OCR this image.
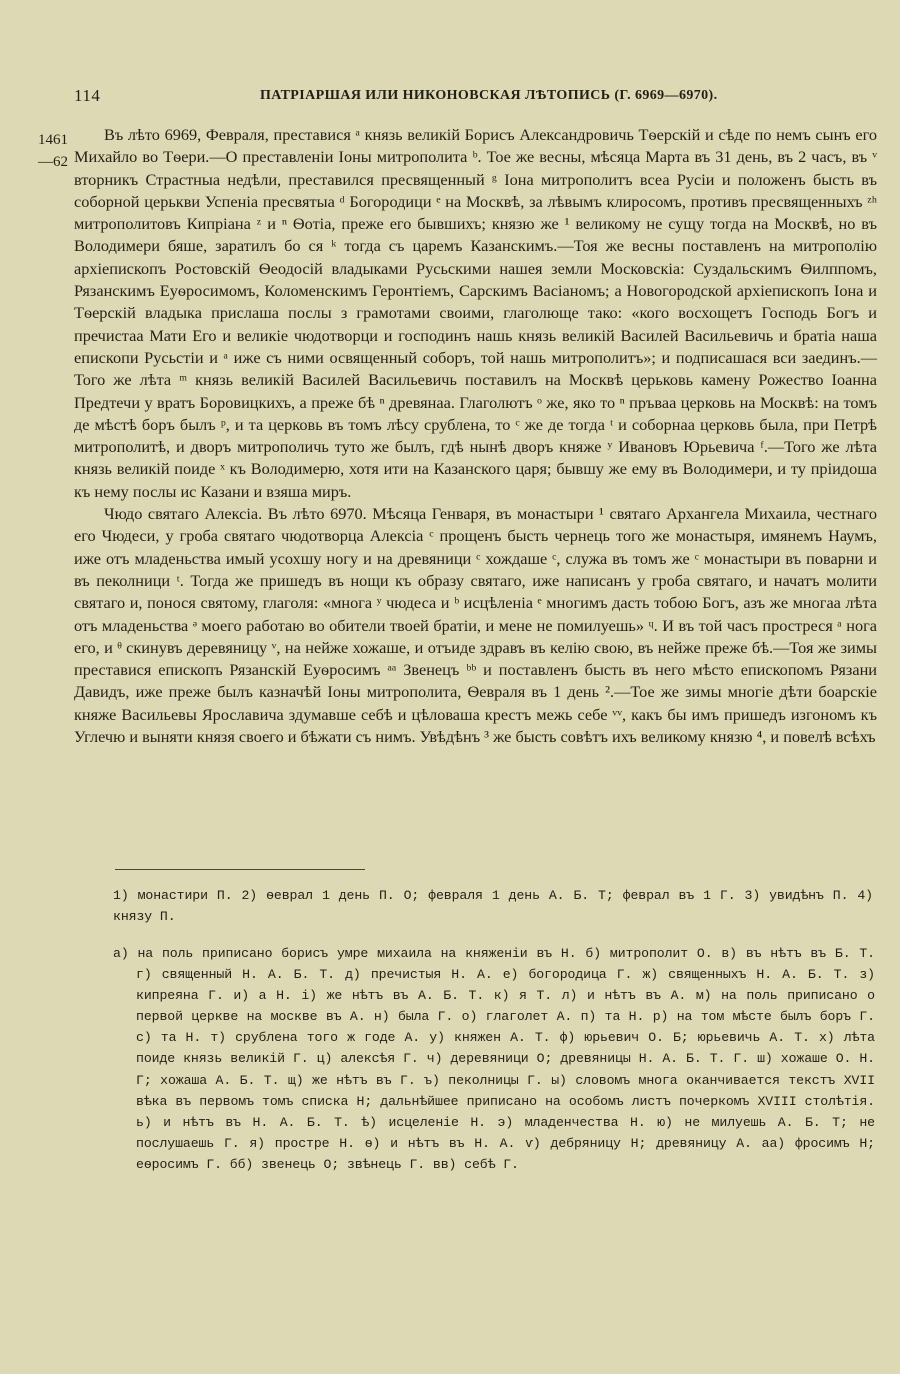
114	ПАТРІАРШАЯ ИЛИ НИКОНОВСКАЯ ЛѢТОПИСЬ (Г. 6969—6970).
1461
—62

Въ лѣто 6969, Февраля, преставися ᵃ князь великій Борисъ Александровичь Тѳерскій и сѣде по немъ сынъ его Михайло во Тѳери.—О преставленіи Іоны митрополита ᵇ. Тое же весны, мѣсяца Марта въ 31 день, въ 2 часъ, въ ᵛ вторникъ Страстныа недѣли, преставился пресвященный ᵍ Іона митрополитъ всеа Русіи и положенъ бысть въ соборной церькви Успеніа пресвятыа ᵈ Богородици ᵉ на Москвѣ, за лѣвымъ клиросомъ, противъ пресвященныхъ ᶻʰ митрополитовъ Кипріана ᶻ и ⁿ Ѳотіа, преже его бывшихъ; князю же ¹ великому не сущу тогда на Москвѣ, но въ Володимери бяше, заратилъ бо ся ᵏ тогда съ царемъ Казанскимъ.—Тоя же весны поставленъ на митрополію архіепископъ Ростовскій Ѳеодосій владыками Русьскими нашея земли Московскіа: Суздальскимъ Ѳилппомъ, Рязанскимъ Еуѳросимомъ, Коломенскимъ Геронтіемъ, Сарскимъ Васіаномъ; а Новогородской архіепископъ Іона и Тѳерскій владыка прислаша послы з грамотами своими, глаголюще тако: «кого восхощетъ Господь Богъ и пречистаа Мати Его и великіе чюдотворци и господинъ нашь князь великій Василей Васильевичь и братіа наша епископи Русьстіи и ᵃ иже съ ними освященный соборъ, той нашь митрополитъ»; и подписашася вси заединъ.—Того же лѣта ᵐ князь великій Василей Васильевичь поставилъ на Москвѣ церьковь камену Рожество Іоанна Предтечи у вратъ Боровицкихъ, а преже бѣ ⁿ древянаа. Глаголютъ ᵒ же, яко то ⁿ пръваа церковь на Москвѣ: на томъ де мѣстѣ боръ былъ ᵖ, и та церковь въ томъ лѣсу срублена, то ᶜ же де тогда ᵗ и соборнаа церковь была, при Петрѣ митрополитѣ, и дворъ митрополичь туто же былъ, гдѣ нынѣ дворъ княже ʸ Ивановъ Юрьевича ᶠ.—Того же лѣта князь великій поиде ˣ къ Володимерю, хотя ити на Казанского царя; бывшу же ему въ Володимери, и ту пріидоша къ нему послы ис Казани и взяша миръ.

Чюдо святаго Алексіа. Въ лѣто 6970. Мѣсяца Генваря, въ монастыри ¹ святаго Архангела Михаила, честнаго его Чюдеси, у гроба святаго чюдотворца Алексіа ᶜ прощенъ бысть чернець того же монастыря, имянемъ Наумъ, иже отъ младеньства имый усохшу ногу и на древяници ᶜ хождаше ᶜ, служа въ томъ же ᶜ монастыри въ поварни и въ пеколници ᵗ. Тогда же пришедъ въ нощи къ образу святаго, иже написанъ у гроба святаго, и начатъ молити святаго и, понося святому, глаголя: «многа ʸ чюдеса и ᵇ исцѣленіа ᵉ многимъ дасть тобою Богъ, азъ же многаа лѣта отъ младеньства ᵊ моего работаю во обители твоей братіи, и мене не помилуешь» ᶣ. И въ той часъ простреся ᵃ нога его, и ᶿ скинувъ деревяницу ᵛ, на нейже хожаше, и отъиде здравъ въ келію свою, въ нейже преже бѣ.—Тоя же зимы преставися епископъ Рязанскій Еуѳросимъ ᵃᵃ Звенецъ ᵇᵇ и поставленъ бысть въ него мѣсто епископомъ Рязани Давидъ, иже преже былъ казначѣй Іоны митрополита, Ѳевраля въ 1 день ².—Тое же зимы многіе дѣти боарскіе княже Васильевы Ярославича здумавше себѣ и цѣловаша крестъ межь себе ᵛᵛ, какъ бы имъ пришедъ изгономъ къ Углечю и выняти князя своего и бѣжати съ нимъ. Увѣдѣнъ ³ же бысть совѣтъ ихъ великому князю ⁴, и повелѣ всѣхъ

1) монастири П. 2) ѳеврал 1 день П. О; февраля 1 день А. Б. Т; феврал въ 1 Г. 3) увидѣнъ П. 4) князу П.

а) на поль приписано борисъ умре михаила на княженіи въ Н. б) митрополит О. в) въ нѣтъ въ Б. Т. г) священный Н. А. Б. Т. д) пречистыя Н. А. е) богородица Г. ж) священныхъ Н. А. Б. Т. з) кипреяна Г. и) а Н. і) же нѣтъ въ А. Б. Т. к) я Т. л) и нѣтъ въ А. м) на поль приписано о первой церкве на москве въ А. н) была Г. о) глаголет А. п) та Н. р) на том мѣсте былъ боръ Г. с) та Н. т) срублена того ж годе А. у) княжен А. Т. ф) юрьевич О. Б; юрьевичь А. Т. х) лѣта поиде князь великій Г. ц) алексѣя Г. ч) деревяници О; древяницы Н. А. Б. Т. Г. ш) хожаше О. Н. Г; хожаша А. Б. Т. щ) же нѣтъ въ Г. ъ) пеколницы Г. ы) словомъ многа оканчивается текстъ XVII вѣка въ первомъ томъ списка Н; дальнѣйшее приписано на особомъ листъ почеркомъ XVIII столѣтія. ь) и нѣтъ въ Н. А. Б. Т. ѣ) исцеленіе Н. э) младенчества Н. ю) не милуешь А. Б. Т; не послушаешь Г. я) простре Н. ѳ) и нѣтъ въ Н. А. ѵ) дебряницу Н; древяницу А. аа) фросимъ Н; еѳросимъ Г. бб) звенець О; звѣнець Г. вв) себѣ Г.
